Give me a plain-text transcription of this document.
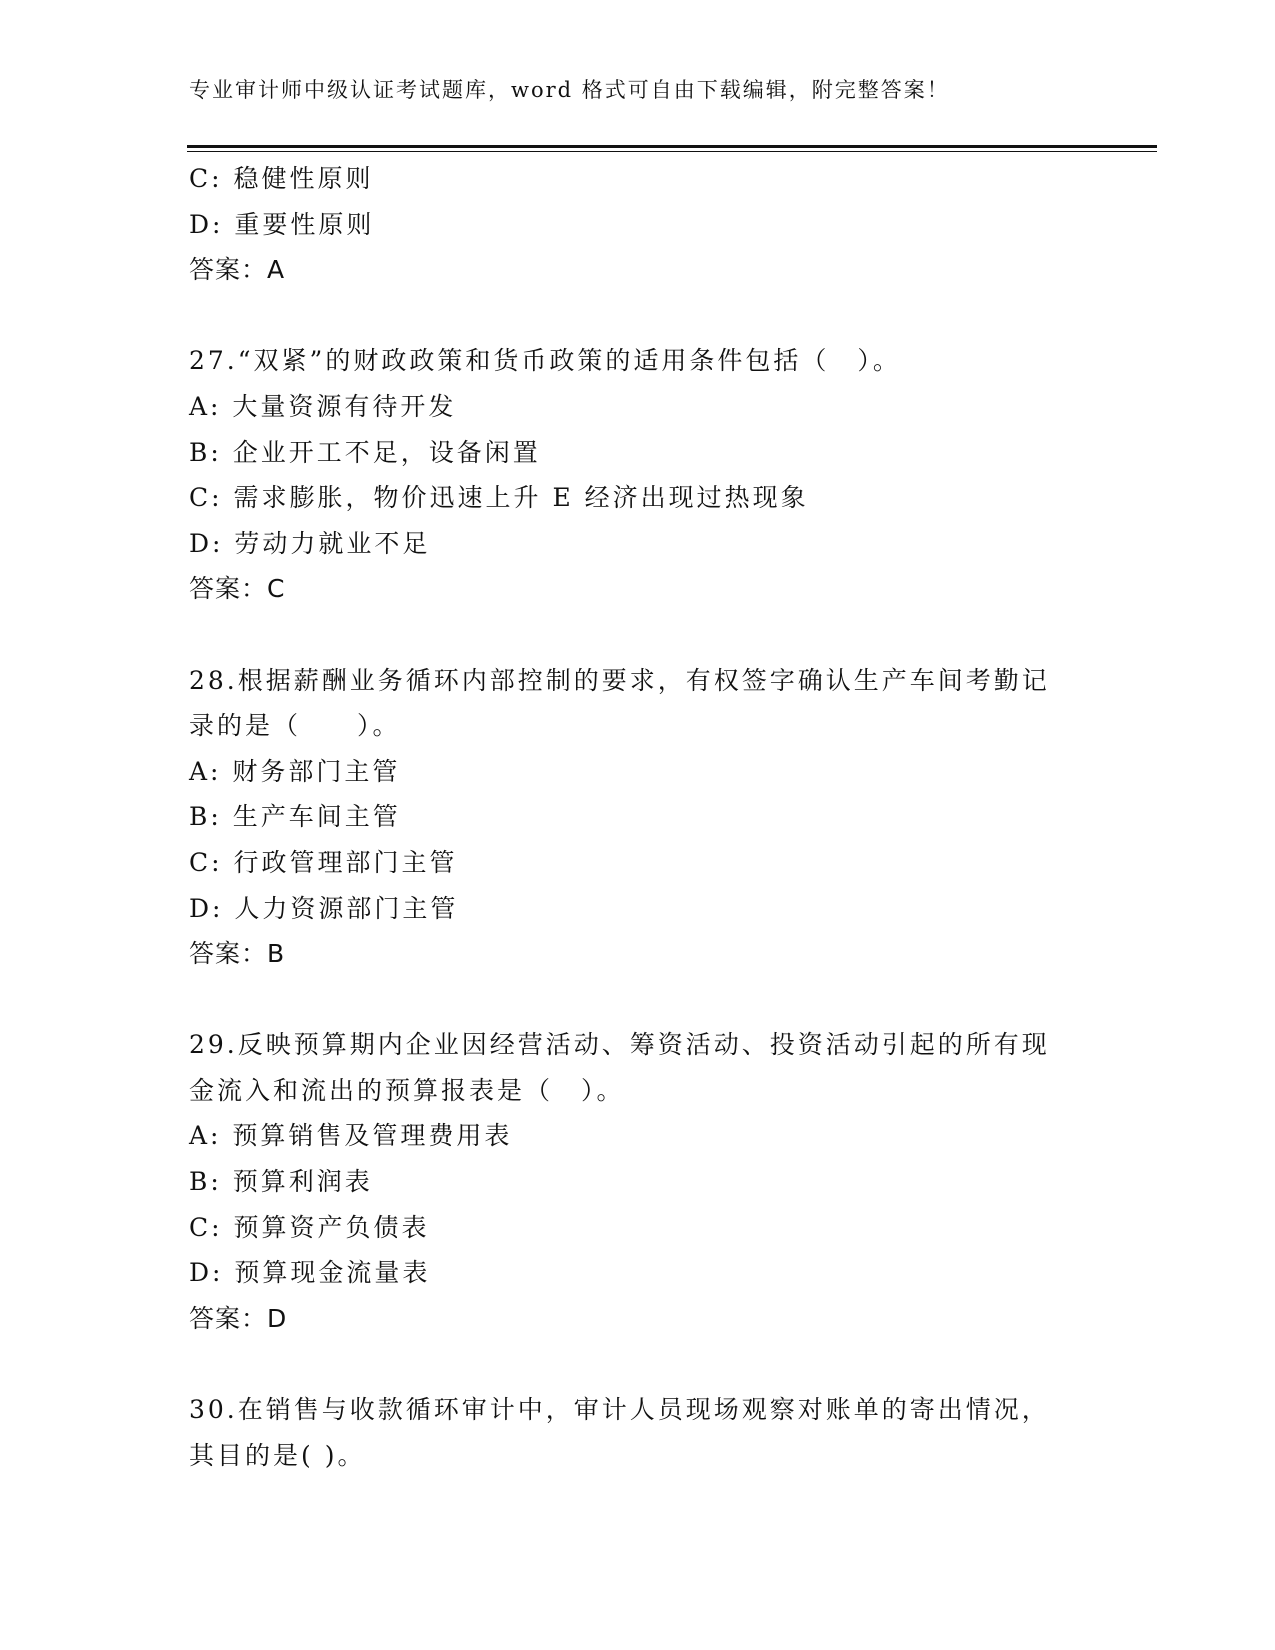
专业审计师中级认证考试题库，word 格式可自由下载编辑，附完整答案！
C: 稳健性原则
D: 重要性原则
答案：A
27.“双紧”的财政政策和货币政策的适用条件包括（　）。
A: 大量资源有待开发
B: 企业开工不足，设备闲置
C: 需求膨胀，物价迅速上升 E 经济出现过热现象
D: 劳动力就业不足
答案：C
28.根据薪酬业务循环内部控制的要求，有权签字确认生产车间考勤记
录的是（　　）。
A: 财务部门主管
B: 生产车间主管
C: 行政管理部门主管
D: 人力资源部门主管
答案：B
29.反映预算期内企业因经营活动、筹资活动、投资活动引起的所有现
金流入和流出的预算报表是（　）。
A: 预算销售及管理费用表
B: 预算利润表
C: 预算资产负债表
D: 预算现金流量表
答案：D
30.在销售与收款循环审计中，审计人员现场观察对账单的寄出情况，
其目的是( )。
